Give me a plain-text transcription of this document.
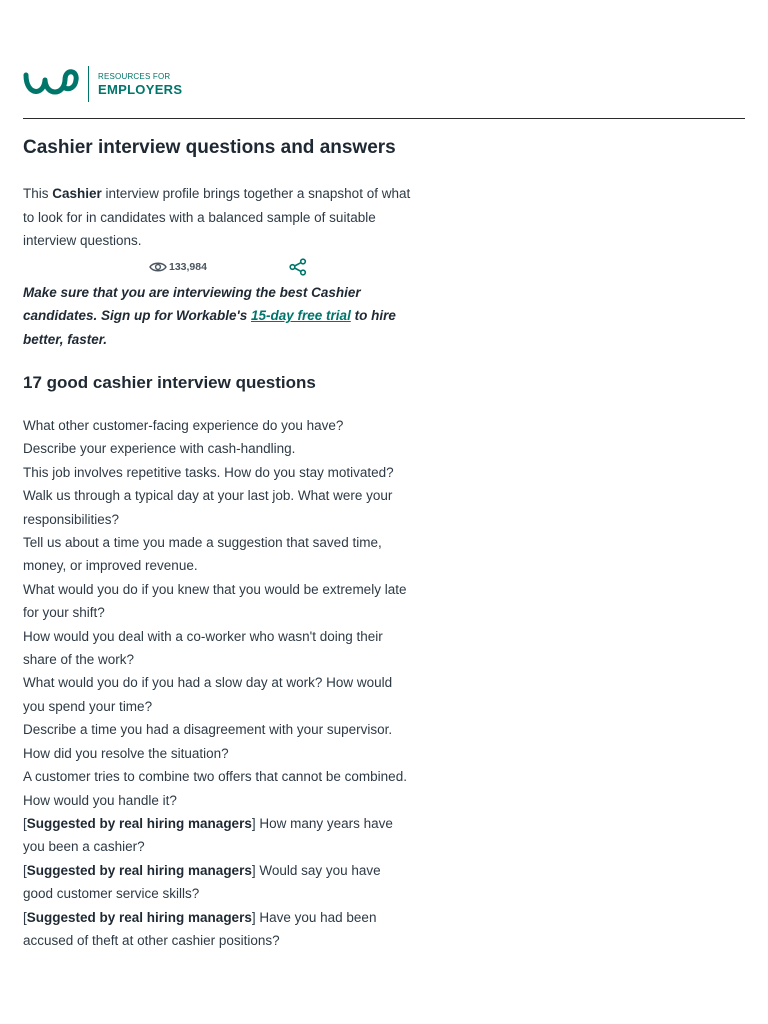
RESOURCES FOR
EMPLOYERS
Cashier interview questions and answers

This Cashier interview profile brings together a snapshot of what to look for in candidates with a balanced sample of suitable interview questions.

133,984

Make sure that you are interviewing the best Cashier candidates. Sign up for Workable's 15-day free trial to hire better, faster.

17 good cashier interview questions
What other customer-facing experience do you have?
Describe your experience with cash-handling.
This job involves repetitive tasks. How do you stay motivated?
Walk us through a typical day at your last job. What were your responsibilities?
Tell us about a time you made a suggestion that saved time, money, or improved revenue.
What would you do if you knew that you would be extremely late for your shift?
How would you deal with a co-worker who wasn't doing their share of the work?
What would you do if you had a slow day at work? How would you spend your time?
Describe a time you had a disagreement with your supervisor. How did you resolve the situation?
A customer tries to combine two offers that cannot be combined. How would you handle it?
[Suggested by real hiring managers] How many years have you been a cashier?
[Suggested by real hiring managers] Would say you have good customer service skills?
[Suggested by real hiring managers] Have you had been accused of theft at other cashier positions?
